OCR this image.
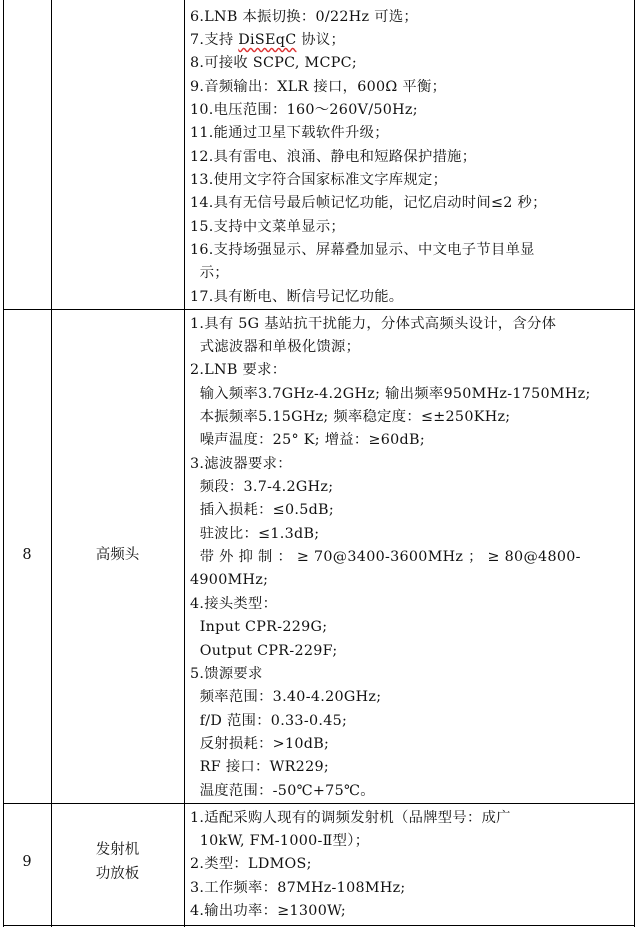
6.LNB 本振切换：0/22Hz 可选；
7.支持 DiSEqC 协议；
8.可接收 SCPC, MCPC;
9.音频输出：XLR 接口，600Ω 平衡；
10.电压范围：160～260V/50Hz;
11.能通过卫星下载软件升级；
12.具有雷电、浪涌、静电和短路保护措施；
13.使用文字符合国家标准文字库规定；
14.具有无信号最后帧记忆功能，记忆启动时间≤2 秒；
15.支持中文菜单显示；
16.支持场强显示、屏幕叠加显示、中文电子节目单显
示；
17.具有断电、断信号记忆功能。
8	高频头
1.具有 5G 基站抗干扰能力，分体式高频头设计，含分体
式滤波器和单极化馈源；
2.LNB 要求：
输入频率3.7GHz-4.2GHz; 输出频率950MHz-1750MHz;
本振频率5.15GHz; 频率稳定度：≤±250KHz;
噪声温度：25° K; 增益：≥60dB;
3.滤波器要求：
频段：3.7-4.2GHz;
插入损耗：≤0.5dB;
驻波比：≤1.3dB;
带 外 抑 制 ： ≥ 70@3400-3600MHz ； ≥ 80@4800-
4900MHz;
4.接头类型：
Input CPR-229G;
Output CPR-229F;
5.馈源要求
频率范围：3.40-4.20GHz;
f/D 范围：0.33-0.45;
反射损耗：>10dB;
RF 接口：WR229;
温度范围：-50℃+75℃。
9
发射机
功放板
1.适配采购人现有的调频发射机（品牌型号：成广
10kW, FM-1000-Ⅱ型）；
2.类型：LDMOS;
3.工作频率：87MHz-108MHz;
4.输出功率：≥1300W;
